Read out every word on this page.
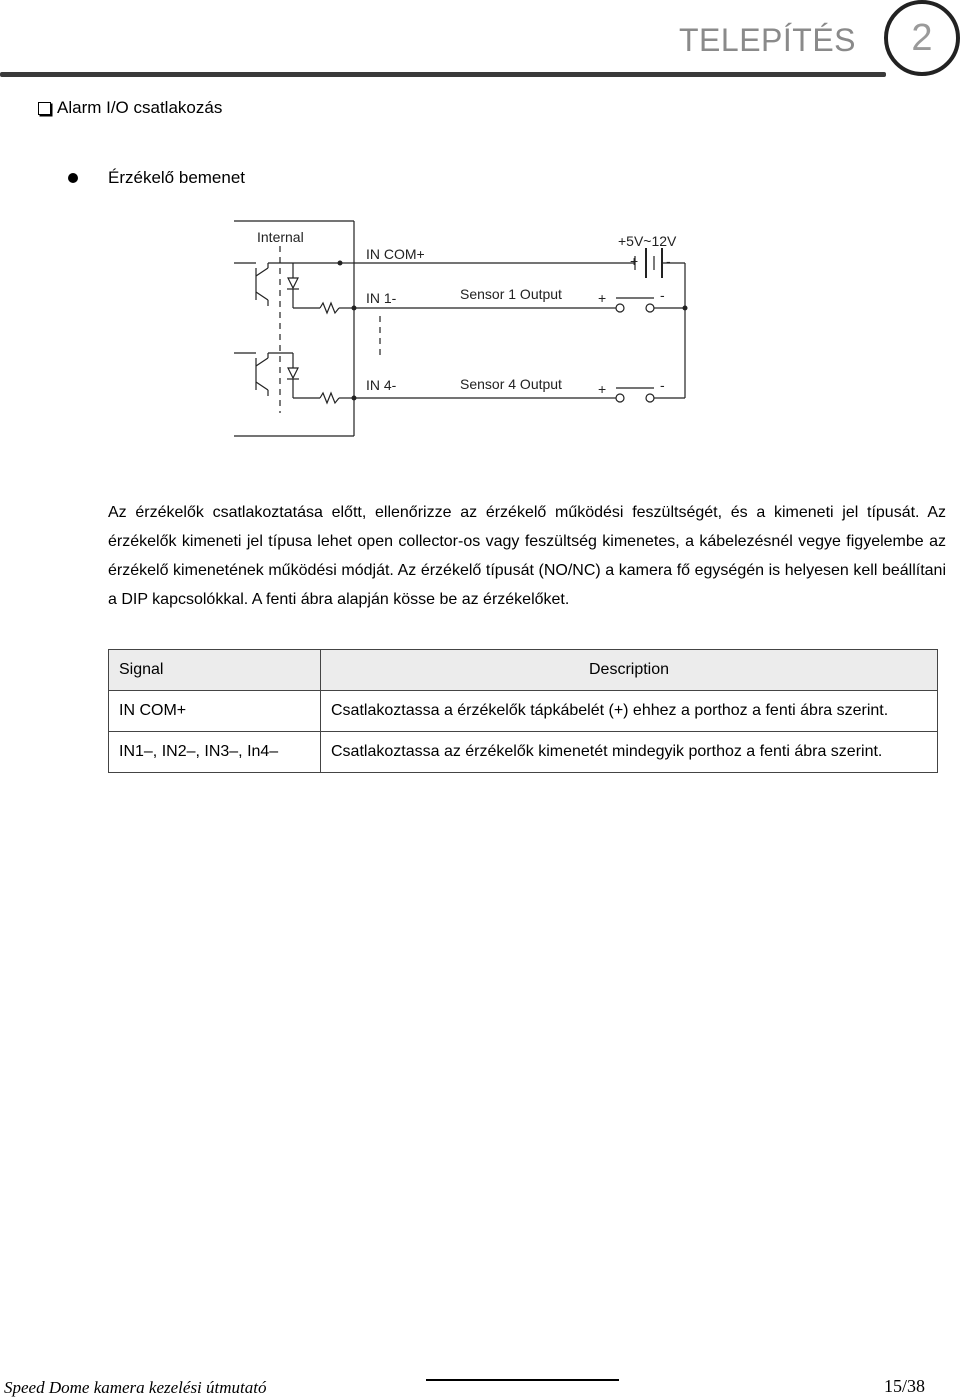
TELEPÍTÉS	2
Alarm I/O csatlakozás
Érzékelő bemenet
Internal
IN COM+
IN 1-
IN 4-
Sensor 1 Output
Sensor 4 Output
+5V~12V
+ -
+	-
+	-
Az érzékelők csatlakoztatása előtt, ellenőrizze az érzékelő működési feszültségét, és a kimeneti jel típusát. Az érzékelők kimeneti jel típusa lehet open collector-os vagy feszültség kimenetes, a kábelezésnél vegye figyelembe az érzékelő kimenetének működési módját. Az érzékelő típusát (NO/NC) a kamera fő egységén is helyesen kell beállítani a DIP kapcsolókkal. A fenti ábra alapján kösse be az érzékelőket.
Signal	Description
IN COM+	Csatlakoztassa a érzékelők tápkábelét (+) ehhez a porthoz a fenti ábra szerint.
IN1–, IN2–, IN3–, In4–	Csatlakoztassa az érzékelők kimenetét mindegyik porthoz a fenti ábra szerint.
Speed Dome kamera kezelési útmutató	15/38
